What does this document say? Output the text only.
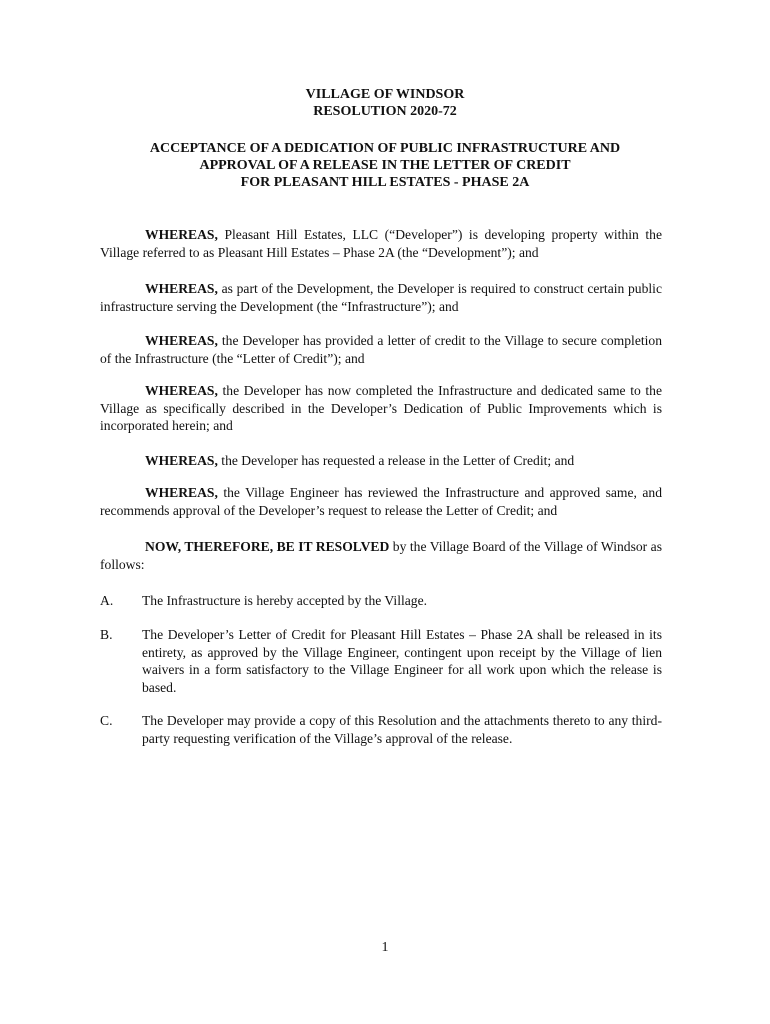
VILLAGE OF WINDSOR
RESOLUTION 2020-72
ACCEPTANCE OF A DEDICATION OF PUBLIC INFRASTRUCTURE AND
APPROVAL OF A RELEASE IN THE LETTER OF CREDIT
FOR PLEASANT HILL ESTATES - PHASE 2A

WHEREAS, Pleasant Hill Estates, LLC (“Developer”) is developing property within the Village referred to as Pleasant Hill Estates – Phase 2A (the “Development”); and

WHEREAS, as part of the Development, the Developer is required to construct certain public infrastructure serving the Development (the “Infrastructure”); and

WHEREAS, the Developer has provided a letter of credit to the Village to secure completion of the Infrastructure (the “Letter of Credit”); and

WHEREAS, the Developer has now completed the Infrastructure and dedicated same to the Village as specifically described in the Developer’s Dedication of Public Improvements which is incorporated herein; and

WHEREAS, the Developer has requested a release in the Letter of Credit; and

WHEREAS, the Village Engineer has reviewed the Infrastructure and approved same, and recommends approval of the Developer’s request to release the Letter of Credit; and

NOW, THEREFORE, BE IT RESOLVED by the Village Board of the Village of Windsor as follows:

A.	The Infrastructure is hereby accepted by the Village.
B.	The Developer’s Letter of Credit for Pleasant Hill Estates – Phase 2A shall be released in its entirety, as approved by the Village Engineer, contingent upon receipt by the Village of lien waivers in a form satisfactory to the Village Engineer for all work upon which the release is based.
C.	The Developer may provide a copy of this Resolution and the attachments thereto to any third-party requesting verification of the Village’s approval of the release.
1
